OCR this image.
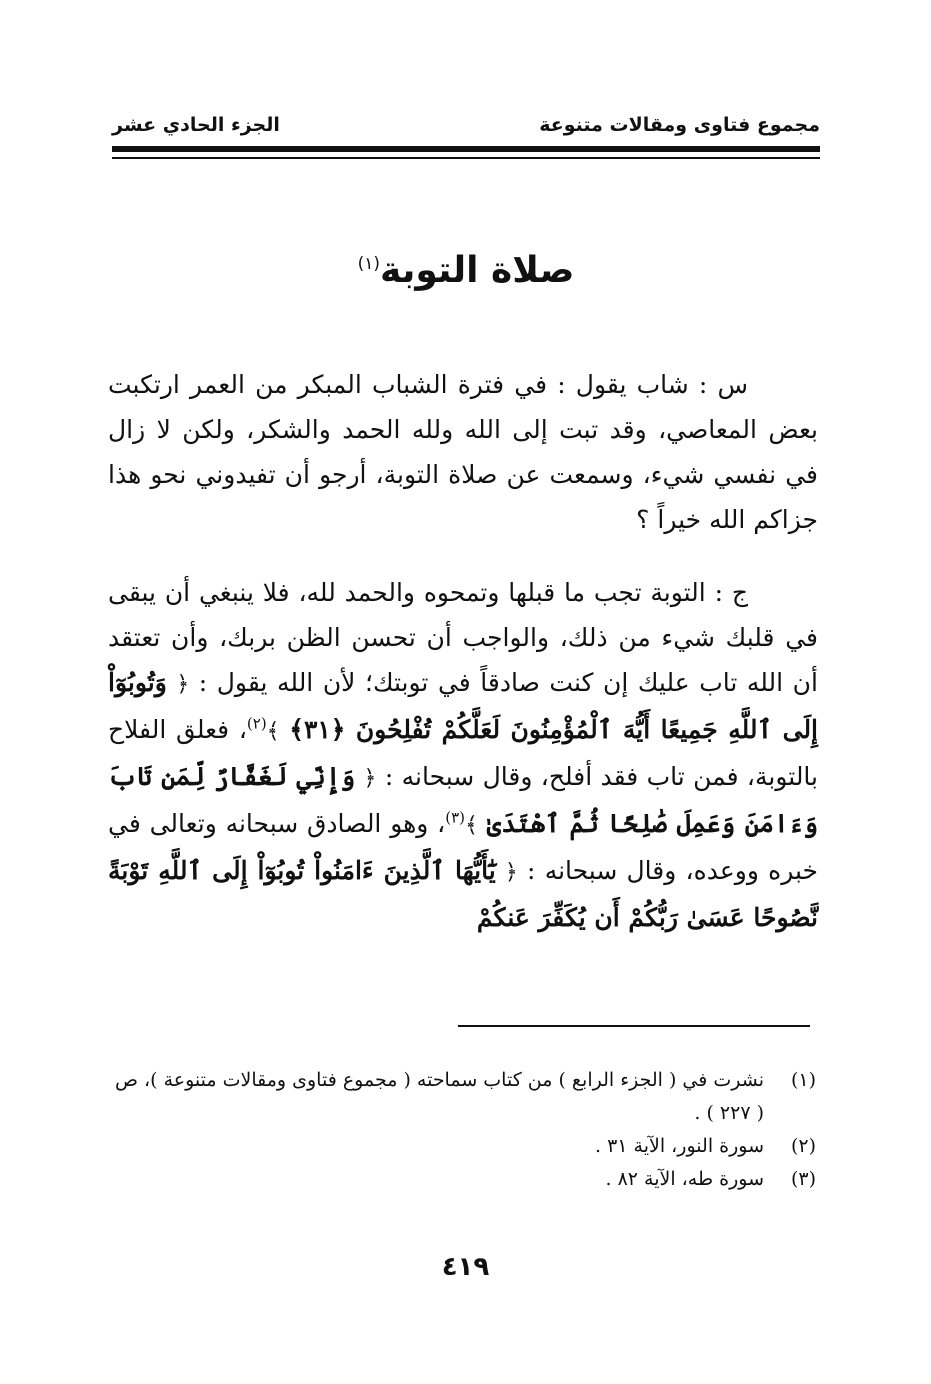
مجموع فتاوى ومقالات متنوعة
الجزء الحادي عشر
صلاة التوبة$^{(١)}$

س : شاب يقول : في فترة الشباب المبكر من العمر ارتكبت بعض المعاصي، وقد تبت إلى الله ولله الحمد والشكر، ولكن لا زال في نفسي شيء، وسمعت عن صلاة التوبة، أرجو أن تفيدوني نحو هذا جزاكم الله خيراً ؟

ج : التوبة تجب ما قبلها وتمحوه والحمد لله، فلا ينبغي أن يبقى في قلبك شيء من ذلك، والواجب أن تحسن الظن بربك، وأن تعتقد أن الله تاب عليك إن كنت صادقاً في توبتك؛ لأن الله يقول : ﴿ وَتُوبُوٓاْ إِلَى ٱللَّهِ جَمِيعًا أَيُّهَ ٱلْمُؤْمِنُونَ لَعَلَّكُمْ تُفْلِحُونَ ﴿٣١﴾ ﴾$^{(٢)}$، فعلق الفلاح بالتوبة، فمن تاب فقد أفلح، وقال سبحانه : ﴿ وَإِنِّي لَغَفَّارٌ لِّمَن تَابَ وَءَامَنَ وَعَمِلَ صَٰلِحًا ثُمَّ ٱهْتَدَىٰ ﴾$^{(٣)}$، وهو الصادق سبحانه وتعالى في خبره ووعده، وقال سبحانه : ﴿ يَٰٓأَيُّهَا ٱلَّذِينَ ءَامَنُواْ تُوبُوٓاْ إِلَى ٱللَّهِ تَوْبَةً نَّصُوحًا عَسَىٰ رَبُّكُمْ أَن يُكَفِّرَ عَنكُمْ

(١)
نشرت في ( الجزء الرابع ) من كتاب سماحته ( مجموع فتاوى ومقالات متنوعة )، ص ( ٢٢٧ ) .
(٢)
سورة النور، الآية ٣١ .
(٣)
سورة طه، الآية ٨٢ .
٤١٩
